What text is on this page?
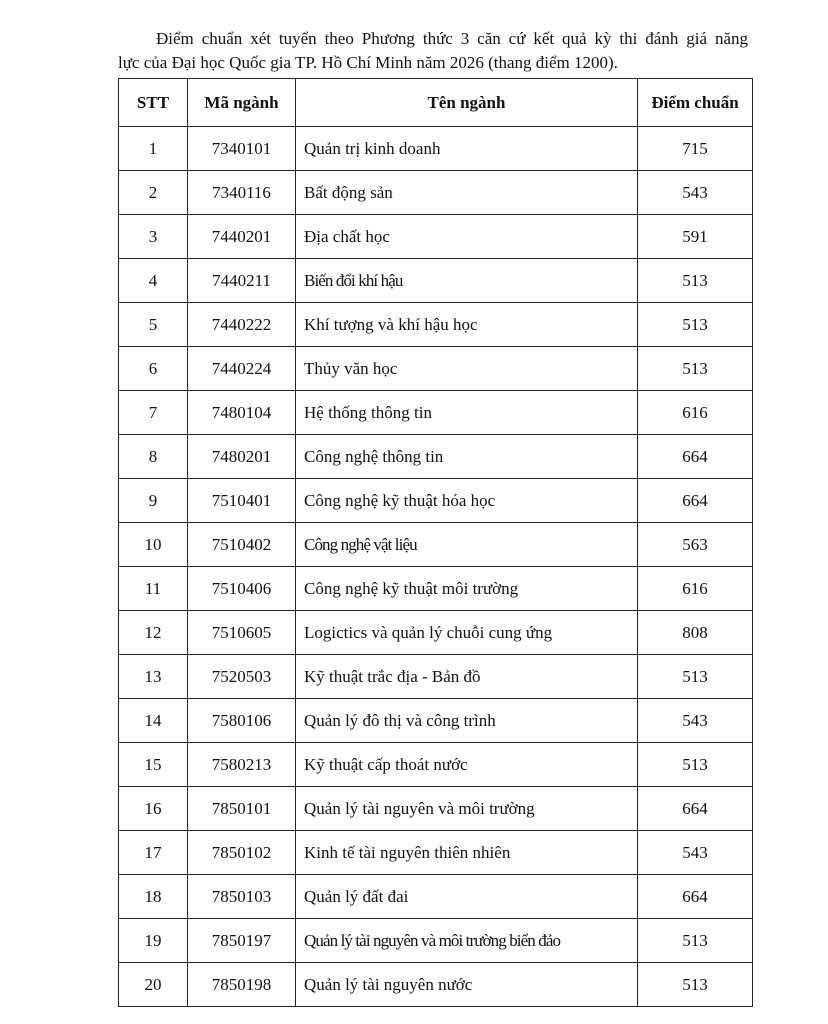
Điểm chuẩn xét tuyển theo Phương thức 3 căn cứ kết quả kỳ thi đánh giá năng
lực của Đại học Quốc gia TP. Hồ Chí Minh năm 2026 (thang điểm 1200).
STT	Mã ngành	Tên ngành	Điểm chuẩn
1	7340101	Quản trị kinh doanh	715
2	7340116	Bất động sản	543
3	7440201	Địa chất học	591
4	7440211	Biến đổi khí hậu	513
5	7440222	Khí tượng và khí hậu học	513
6	7440224	Thủy văn học	513
7	7480104	Hệ thống thông tin	616
8	7480201	Công nghệ thông tin	664
9	7510401	Công nghệ kỹ thuật hóa học	664
10	7510402	Công nghệ vật liệu	563
11	7510406	Công nghệ kỹ thuật môi trường	616
12	7510605	Logictics và quản lý chuỗi cung ứng	808
13	7520503	Kỹ thuật trắc địa - Bản đồ	513
14	7580106	Quản lý đô thị và công trình	543
15	7580213	Kỹ thuật cấp thoát nước	513
16	7850101	Quản lý tài nguyên và môi trường	664
17	7850102	Kinh tế tài nguyên thiên nhiên	543
18	7850103	Quản lý đất đai	664
19	7850197	Quản lý tài nguyên và môi trường biển đảo	513
20	7850198	Quản lý tài nguyên nước	513
